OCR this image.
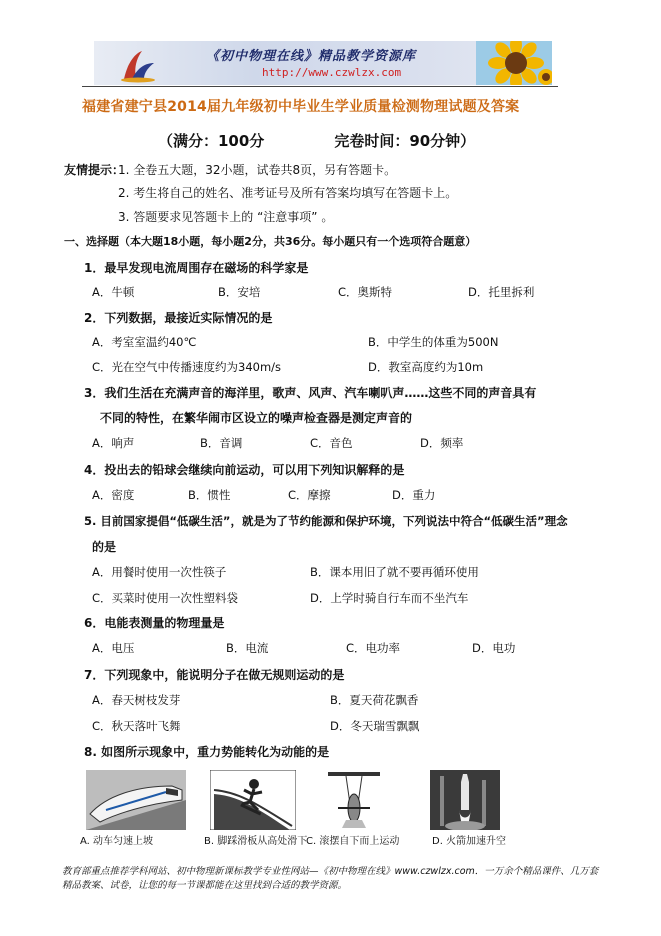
《初中物理在线》精品教学资源库
http://www.czwlzx.com
福建省建宁县2014届九年级初中毕业生学业质量检测物理试题及答案
（满分：100分	完卷时间：90分钟）
友情提示：
1. 全卷五大题，32小题，试卷共8页，另有答题卡。
2. 考生将自己的姓名、准考证号及所有答案均填写在答题卡上。
3. 答题要求见答题卡上的 “注意事项” 。
一、选择题（本大题18小题，每小题2分，共36分。每小题只有一个选项符合题意）
1．最早发现电流周围存在磁场的科学家是
A．牛顿	B．安培	C．奥斯特	D．托里拆利
2．下列数据，最接近实际情况的是
A．考室室温约40℃	B．中学生的体重为500N
C．光在空气中传播速度约为340m/s	D．教室高度约为10m
3．我们生活在充满声音的海洋里，歌声、风声、汽车喇叭声……这些不同的声音具有
不同的特性，在繁华闹市区设立的噪声检查器是测定声音的
A．响声	B．音调	C．音色	D．频率
4．投出去的铅球会继续向前运动，可以用下列知识解释的是
A．密度	B．惯性	C．摩擦	D．重力
5. 目前国家提倡“低碳生活”，就是为了节约能源和保护环境，下列说法中符合“低碳生活”理念
的是
A．用餐时使用一次性筷子	B．课本用旧了就不要再循环使用
C．买菜时使用一次性塑料袋	D．上学时骑自行车而不坐汽车
6．电能表测量的物理量是
A．电压	B．电流	C．电功率	D．电功
7．下列现象中，能说明分子在做无规则运动的是
A．春天树枝发芽	B．夏天荷花飘香
C．秋天落叶飞舞	D．冬天瑞雪飘飘
8. 如图所示现象中，重力势能转化为动能的是
A. 动车匀速上坡	B. 脚踩滑板从高处滑下
C. 滚摆自下而上运动	D. 火箭加速升空
教育部重点推荐学科网站、初中物理新课标教学专业性网站—《初中物理在线》www.czwlzx.com．一万余个精品课件、几万套精品教案、试卷，让您的每一节课都能在这里找到合适的教学资源。
